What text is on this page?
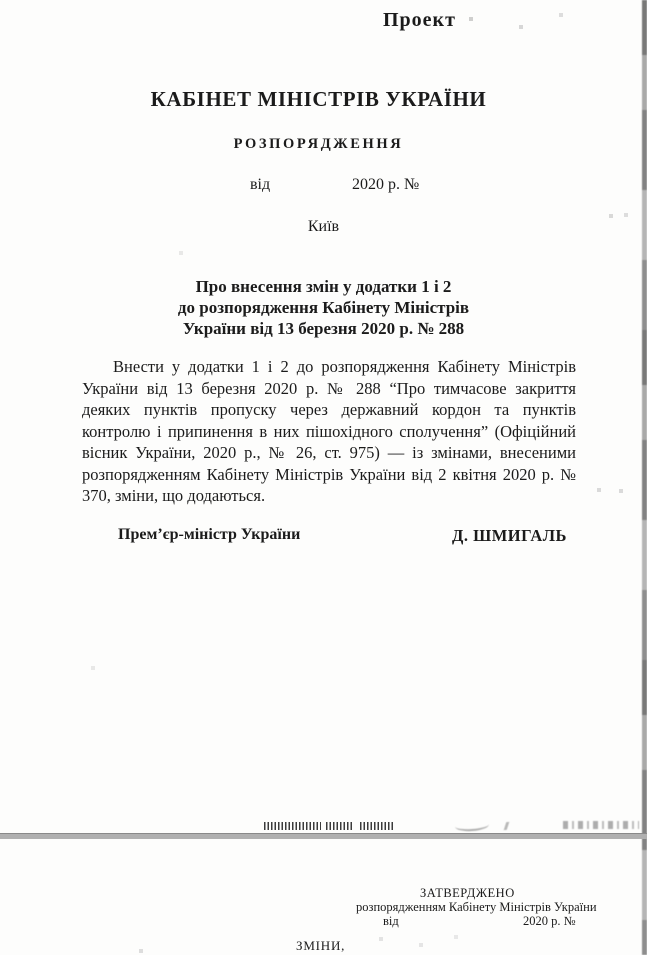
Проект
КАБІНЕТ МІНІСТРІВ УКРАЇНИ
РОЗПОРЯДЖЕННЯ
від	2020 р. №
Київ
Про внесення змін у додатки 1 і 2
до розпорядження Кабінету Міністрів
України від 13 березня 2020 р. № 288
Внести у додатки 1 і 2 до розпорядження Кабінету Міністрів України від 13 березня 2020 р. № 288 “Про тимчасове закриття деяких пунктів пропуску через державний кордон та пунктів контролю і припинення в них пішохідного сполучення” (Офіційний вісник України, 2020 р., № 26, ст. 975) — із змінами, внесеними розпорядженням Кабінету Міністрів України від 2 квітня 2020 р. № 370, зміни, що додаються.
Прем’єр-міністр України	Д. ШМИГАЛЬ
ЗАТВЕРДЖЕНО
розпорядженням Кабінету Міністрів України
від	2020 р. №
ЗМІНИ,
